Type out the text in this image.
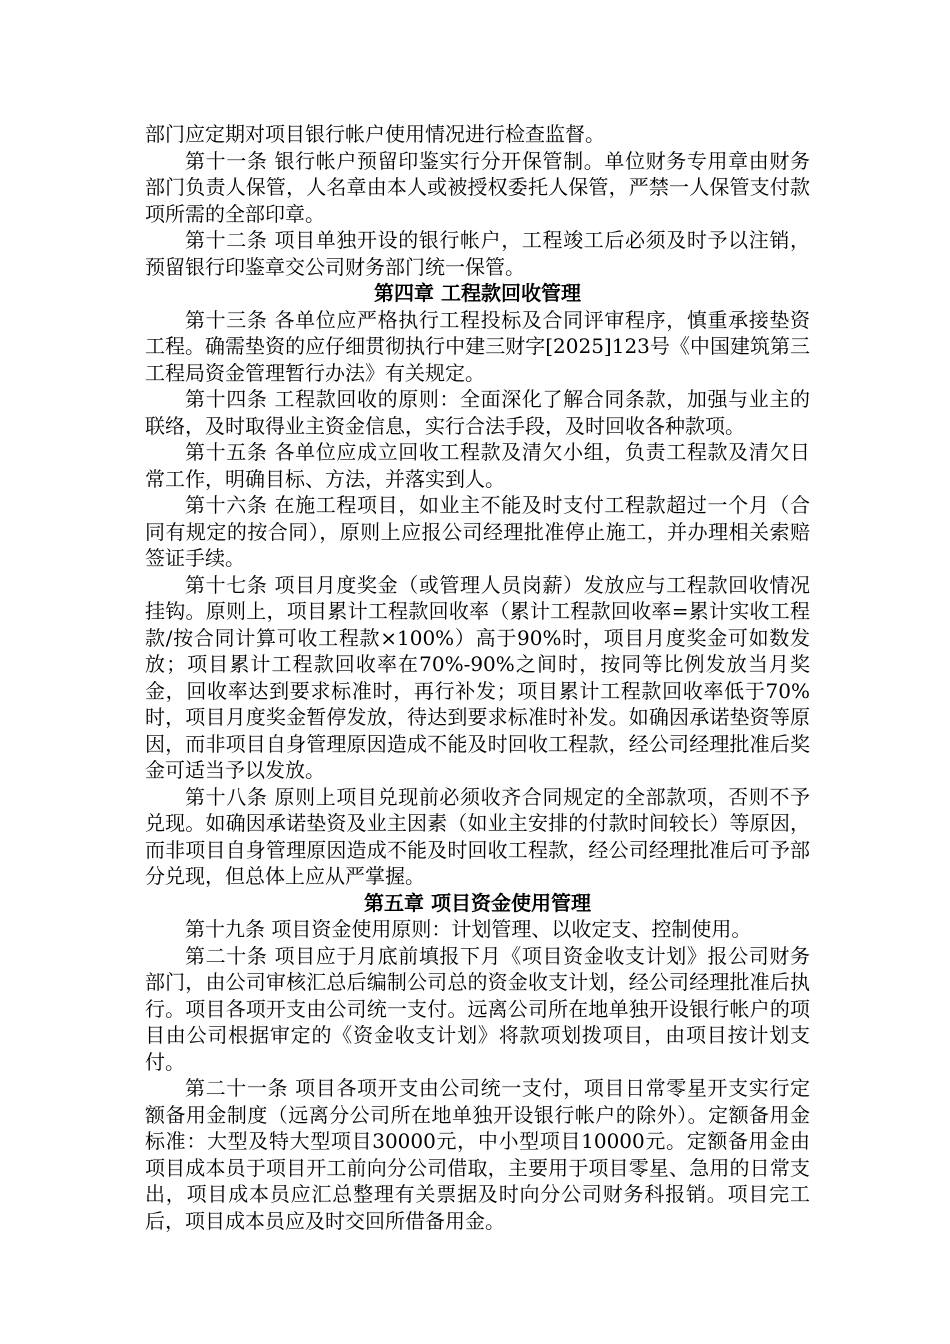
部门应定期对项目银行帐户使用情况进行检查监督。

第十一条 银行帐户预留印鉴实行分开保管制。单位财务专用章由财务部门负责人保管，人名章由本人或被授权委托人保管，严禁一人保管支付款项所需的全部印章。

第十二条 项目单独开设的银行帐户，工程竣工后必须及时予以注销，预留银行印鉴章交公司财务部门统一保管。

第四章 工程款回收管理

第十三条 各单位应严格执行工程投标及合同评审程序，慎重承接垫资工程。确需垫资的应仔细贯彻执行中建三财字[2025]123号《中国建筑第三工程局资金管理暂行办法》有关规定。

第十四条 工程款回收的原则：全面深化了解合同条款，加强与业主的联络，及时取得业主资金信息，实行合法手段，及时回收各种款项。

第十五条 各单位应成立回收工程款及清欠小组，负责工程款及清欠日常工作，明确目标、方法，并落实到人。

第十六条 在施工程项目，如业主不能及时支付工程款超过一个月（合同有规定的按合同），原则上应报公司经理批准停止施工，并办理相关索赔签证手续。

第十七条 项目月度奖金（或管理人员岗薪）发放应与工程款回收情况挂钩。原则上，项目累计工程款回收率（累计工程款回收率=累计实收工程款/按合同计算可收工程款×100%）高于90%时，项目月度奖金可如数发放；项目累计工程款回收率在70%-90%之间时，按同等比例发放当月奖金，回收率达到要求标准时，再行补发；项目累计工程款回收率低于70%时，项目月度奖金暂停发放，待达到要求标准时补发。如确因承诺垫资等原因，而非项目自身管理原因造成不能及时回收工程款，经公司经理批准后奖金可适当予以发放。

第十八条 原则上项目兑现前必须收齐合同规定的全部款项，否则不予兑现。如确因承诺垫资及业主因素（如业主安排的付款时间较长）等原因，而非项目自身管理原因造成不能及时回收工程款，经公司经理批准后可予部分兑现，但总体上应从严掌握。

第五章 项目资金使用管理

第十九条 项目资金使用原则：计划管理、以收定支、控制使用。

第二十条 项目应于月底前填报下月《项目资金收支计划》报公司财务部门，由公司审核汇总后编制公司总的资金收支计划，经公司经理批准后执行。项目各项开支由公司统一支付。远离公司所在地单独开设银行帐户的项目由公司根据审定的《资金收支计划》将款项划拨项目，由项目按计划支付。

第二十一条 项目各项开支由公司统一支付，项目日常零星开支实行定额备用金制度（远离分公司所在地单独开设银行帐户的除外）。定额备用金标准：大型及特大型项目30000元，中小型项目10000元。定额备用金由项目成本员于项目开工前向分公司借取，主要用于项目零星、急用的日常支出，项目成本员应汇总整理有关票据及时向分公司财务科报销。项目完工后，项目成本员应及时交回所借备用金。
